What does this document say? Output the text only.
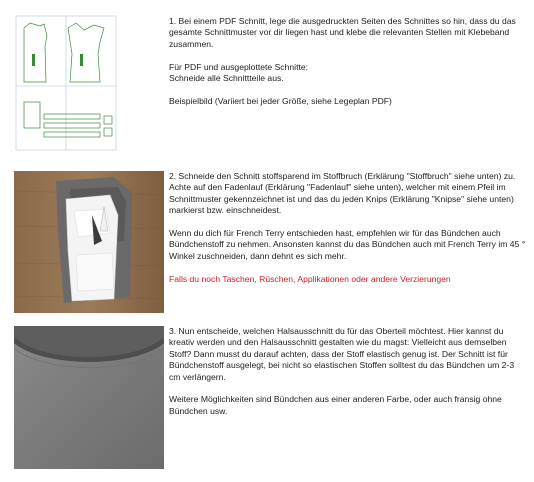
1. Bei einem PDF Schnitt, lege die ausgedruckten Seiten des Schnittes so hin, dass du das gesamte Schnittmuster vor dir liegen hast und klebe die relevanten Stellen mit Klebeband zusammen.

Für PDF und ausgeplottete Schnitte:
Schneide alle Schnittteile aus.

Beispielbild (Variiert bei jeder Größe, siehe Legeplan PDF)

2. Schneide den Schnitt stoffsparend im Stoffbruch (Erklärung "Stoffbruch" siehe unten) zu. Achte auf den Fadenlauf (Erklärung "Fadenlauf" siehe unten), welcher mit einem Pfeil im Schnittmuster gekennzeichnet ist und das du jeden Knips (Erklärung "Knipse" siehe unten) markierst bzw. einschneidest.

Wenn du dich für French Terry entschieden hast, empfehlen wir für das Bündchen auch Bündchenstoff zu nehmen. Ansonsten kannst du das Bündchen auch mit French Terry im 45 ° Winkel zuschneiden, dann dehnt es sich mehr.

Falls du noch Taschen, Rüschen, Applikationen oder andere Verzierungen

3. Nun entscheide, welchen Halsausschnitt du für das Oberteil möchtest. Hier kannst du kreativ werden und den Halsausschnitt gestalten wie du magst: Vielleicht aus demselben Stoff? Dann musst du darauf achten, dass der Stoff elastisch genug ist. Der Schnitt ist für Bündchenstoff ausgelegt, bei nicht so elastischen Stoffen solltest du das Bündchen um 2-3 cm verlängern.

Weitere Möglichkeiten sind Bündchen aus einer anderen Farbe, oder auch fransig ohne Bündchen usw.
